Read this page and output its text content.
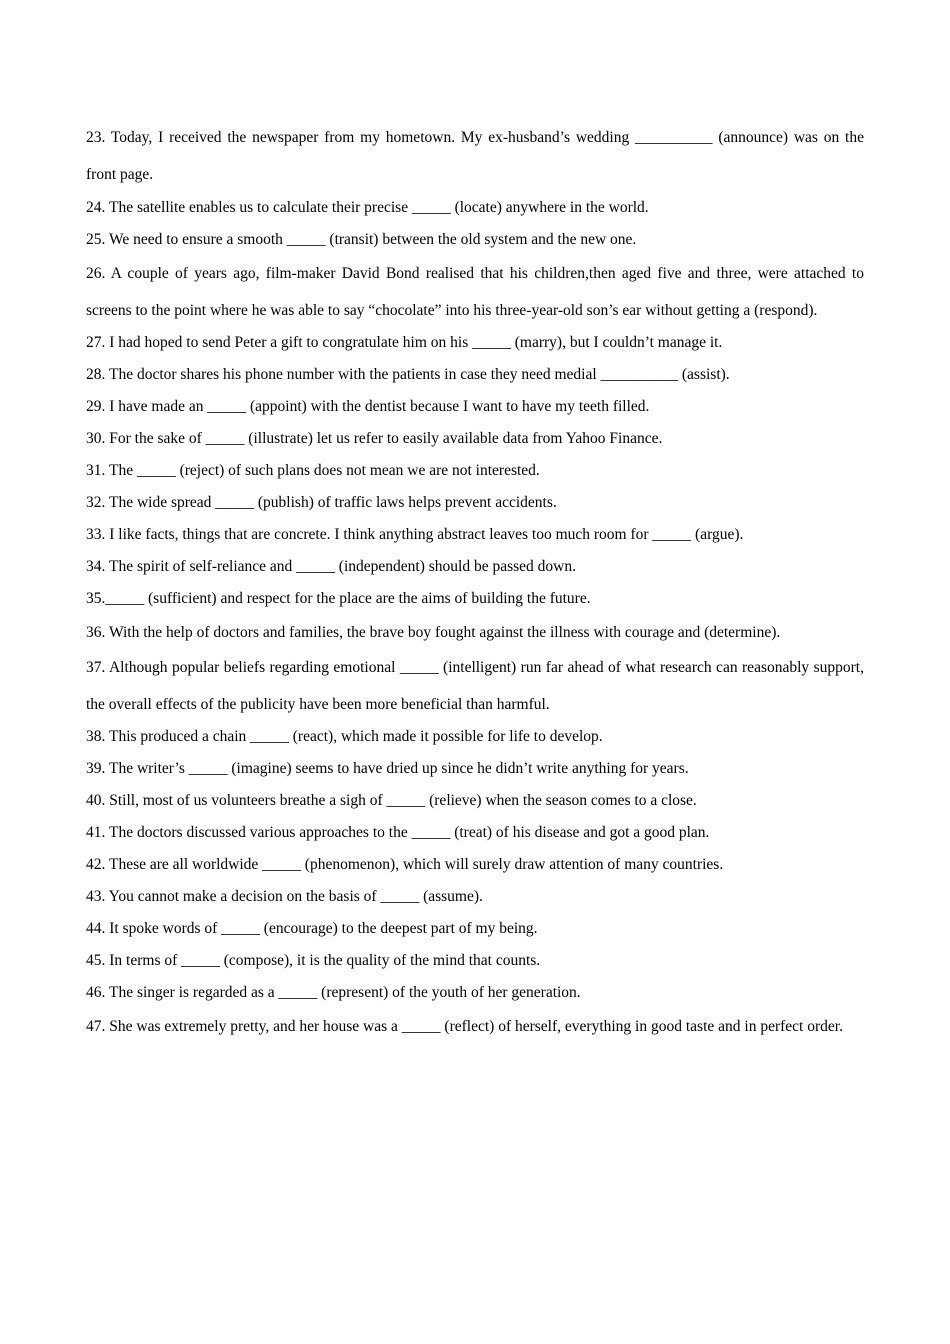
23. Today, I received the newspaper from my hometown. My ex-husband’s wedding __________ (announce) was on the front page.

24. The satellite enables us to calculate their precise _____ (locate) anywhere in the world.

25. We need to ensure a smooth _____ (transit) between the old system and the new one.

26. A couple of years ago, film-maker David Bond realised that his children,then aged five and three, were attached to screens to the point where he was able to say “chocolate” into his three-year-old son’s ear without getting a (respond).

27. I had hoped to send Peter a gift to congratulate him on his _____ (marry), but I couldn’t manage it.

28. The doctor shares his phone number with the patients in case they need medial __________ (assist).

29. I have made an _____ (appoint) with the dentist because I want to have my teeth filled.

30. For the sake of _____ (illustrate) let us refer to easily available data from Yahoo Finance.

31. The _____ (reject) of such plans does not mean we are not interested.

32. The wide spread _____ (publish) of traffic laws helps prevent accidents.

33. I like facts, things that are concrete. I think anything abstract leaves too much room for _____ (argue).

34. The spirit of self-reliance and _____ (independent) should be passed down.

35._____ (sufficient) and respect for the place are the aims of building the future.

36. With the help of doctors and families, the brave boy fought against the illness with courage and (determine).

37. Although popular beliefs regarding emotional _____ (intelligent) run far ahead of what research can reasonably support, the overall effects of the publicity have been more beneficial than harmful.

38. This produced a chain _____ (react), which made it possible for life to develop.

39. The writer’s _____ (imagine) seems to have dried up since he didn’t write anything for years.

40. Still, most of us volunteers breathe a sigh of _____ (relieve) when the season comes to a close.

41. The doctors discussed various approaches to the _____ (treat) of his disease and got a good plan.

42. These are all worldwide _____ (phenomenon), which will surely draw attention of many countries.

43. You cannot make a decision on the basis of _____ (assume).

44. It spoke words of _____ (encourage) to the deepest part of my being.

45. In terms of _____ (compose), it is the quality of the mind that counts.

46. The singer is regarded as a _____ (represent) of the youth of her generation.

47. She was extremely pretty, and her house was a _____ (reflect) of herself, everything in good taste and in perfect order.
